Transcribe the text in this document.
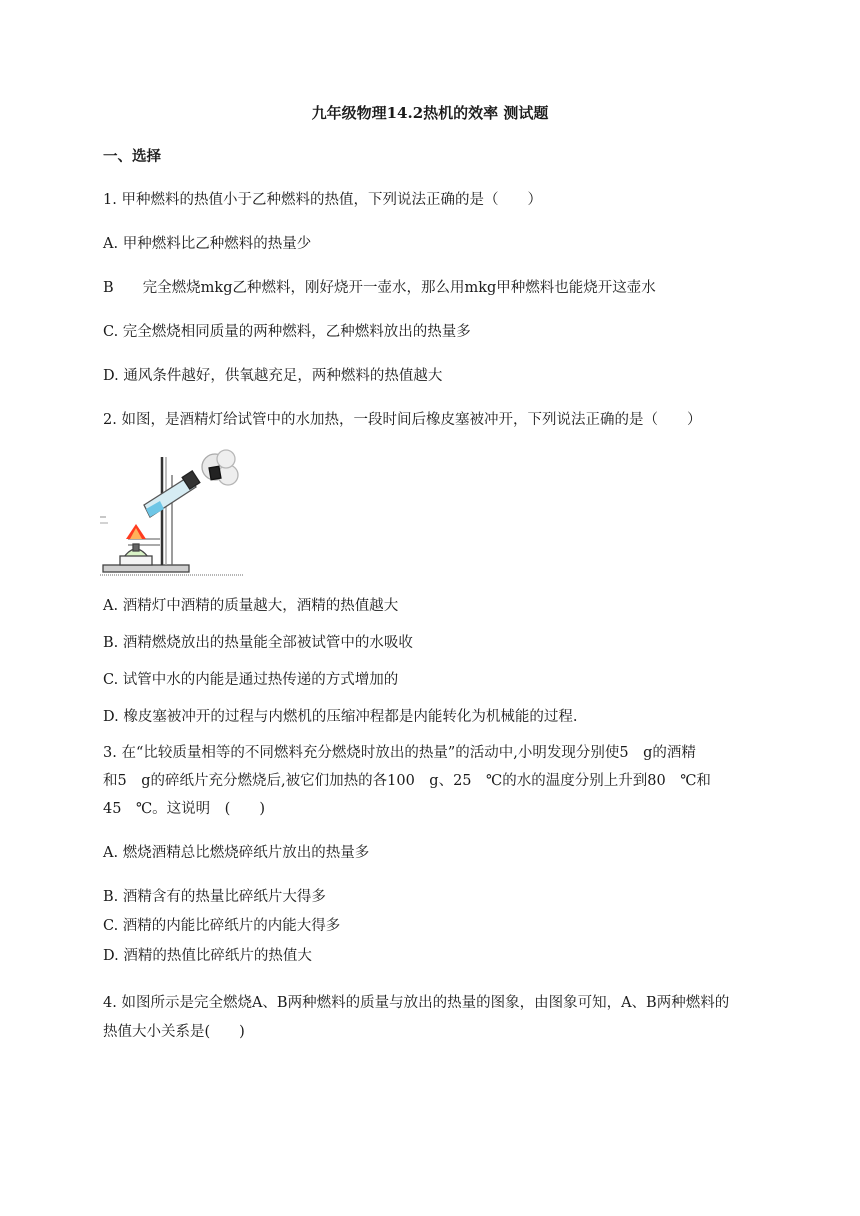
九年级物理14.2热机的效率 测试题
一、选择
1. 甲种燃料的热值小于乙种燃料的热值，下列说法正确的是（　　）
A. 甲种燃料比乙种燃料的热量少
B　　完全燃烧mkg乙种燃料，刚好烧开一壶水，那么用mkg甲种燃料也能烧开这壶水
C. 完全燃烧相同质量的两种燃料，乙种燃料放出的热量多
D. 通风条件越好，供氧越充足，两种燃料的热值越大
2. 如图，是酒精灯给试管中的水加热，一段时间后橡皮塞被冲开，下列说法正确的是（　　）
A. 酒精灯中酒精的质量越大，酒精的热值越大
B. 酒精燃烧放出的热量能全部被试管中的水吸收
C. 试管中水的内能是通过热传递的方式增加的
D. 橡皮塞被冲开的过程与内燃机的压缩冲程都是内能转化为机械能的过程.
3. 在“比较质量相等的不同燃料充分燃烧时放出的热量”的活动中,小明发现分别使5　g的酒精
和5　g的碎纸片充分燃烧后,被它们加热的各100　g、25　℃的水的温度分别上升到80　℃和
45　℃。这说明　(　　)
A. 燃烧酒精总比燃烧碎纸片放出的热量多
B. 酒精含有的热量比碎纸片大得多
C. 酒精的内能比碎纸片的内能大得多
D. 酒精的热值比碎纸片的热值大
4. 如图所示是完全燃烧A、B两种燃料的质量与放出的热量的图象，由图象可知，A、B两种燃料的
热值大小关系是(　　)
